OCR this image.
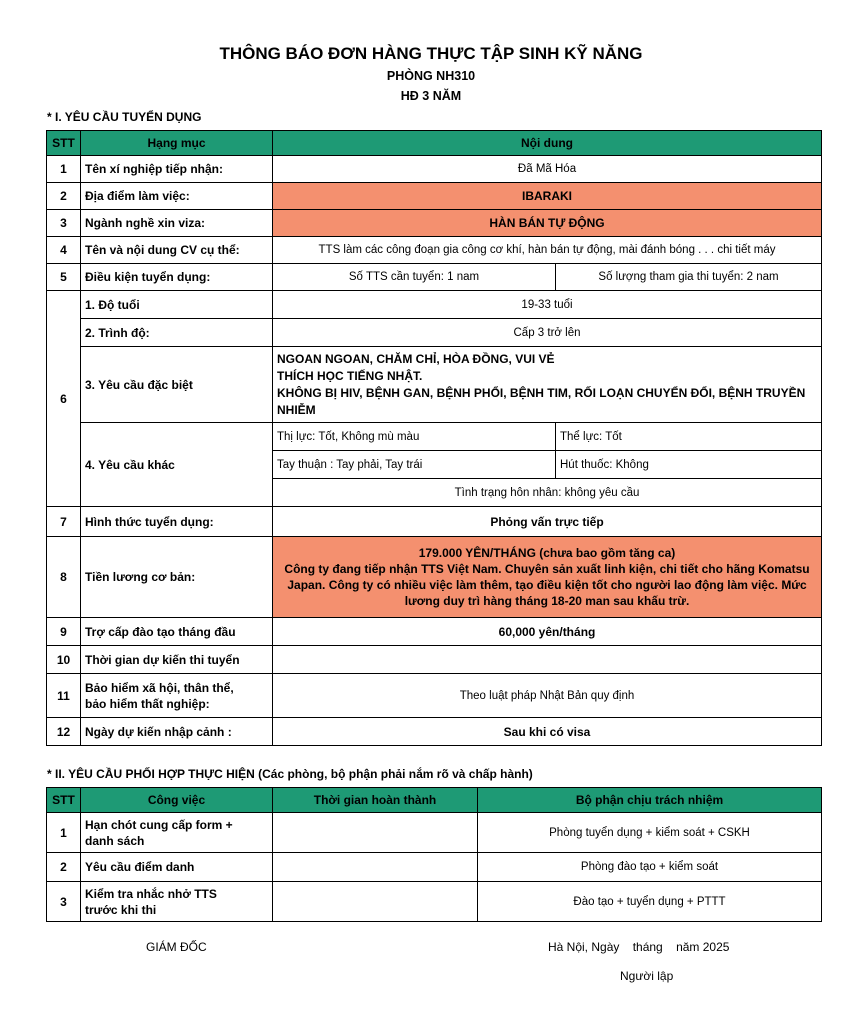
THÔNG BÁO ĐƠN HÀNG THỰC TẬP SINH KỸ NĂNG
PHÒNG NH310
HĐ 3 NĂM
* I. YÊU CẦU TUYỂN DỤNG
STT	Hạng mục	Nội dung	
1	Tên xí nghiệp tiếp nhận:	Đã Mã Hóa	
2	Địa điểm làm việc:	IBARAKI	
3	Ngành nghề xin viza:	HÀN BÁN TỰ ĐỘNG	
4	Tên và nội dung CV cụ thể:	TTS làm các công đoạn gia công cơ khí, hàn bán tự động, mài đánh bóng . . . chi tiết máy	
5	Điều kiện tuyển dụng:	Số TTS cần tuyển: 1 nam	Số lượng tham gia thi tuyển: 2 nam
6	1. Độ tuổi	19-33 tuổi	
	2. Trình độ:	Cấp 3 trở lên	
	3. Yêu cầu đặc biệt	NGOAN NGOAN, CHĂM CHỈ, HÒA ĐỒNG, VUI VẺ
THÍCH HỌC TIẾNG NHẬT.
KHÔNG BỊ HIV, BỆNH GAN, BỆNH PHỔI, BỆNH TIM, RỐI LOẠN CHUYỂN ĐỔI, BỆNH TRUYỀN NHIỄM	

	4. Yêu cầu khác	Thị lực: Tốt, Không mù màu	Thể lực: Tốt
		Tay thuận : Tay phải, Tay trái	Hút thuốc: Không
		Tình trạng hôn nhân: không yêu cầu	
7	Hình thức tuyển dụng:	Phỏng vấn trực tiếp	
8	Tiền lương cơ bản:	179.000 YÊN/THÁNG (chưa bao gồm tăng ca)
Công ty đang tiếp nhận TTS Việt Nam. Chuyên sản xuất linh kiện, chi tiết cho hãng Komatsu Japan. Công ty có nhiều việc làm thêm, tạo điều kiện tốt cho người lao động làm việc. Mức lương duy trì hàng tháng 18-20 man sau khấu trừ.	

9	Trợ cấp đào tạo tháng đầu	60,000 yên/tháng	
10	Thời gian dự kiến thi tuyển		
11	Bảo hiểm xã hội, thân thể,
bảo hiểm thất nghiệp:	Theo luật pháp Nhật Bản quy định	
12	Ngày dự kiến nhập cảnh :	Sau khi có visa	
* II. YÊU CẦU PHỐI HỢP THỰC HIỆN (Các phòng, bộ phận phải nắm rõ và chấp hành)
STT	Công việc	Thời gian hoàn thành	Bộ phận chịu trách nhiệm
1	Hạn chót cung cấp form +
danh sách		Phòng tuyển dụng + kiểm soát + CSKH
2	Yêu cầu điểm danh		Phòng đào tạo + kiểm soát
3	Kiểm tra nhắc nhở TTS
trước khi thi		Đào tạo + tuyển dụng + PTTT
GIÁM ĐỐC	Hà Nội, Ngày    tháng    năm 2025
Người lập
